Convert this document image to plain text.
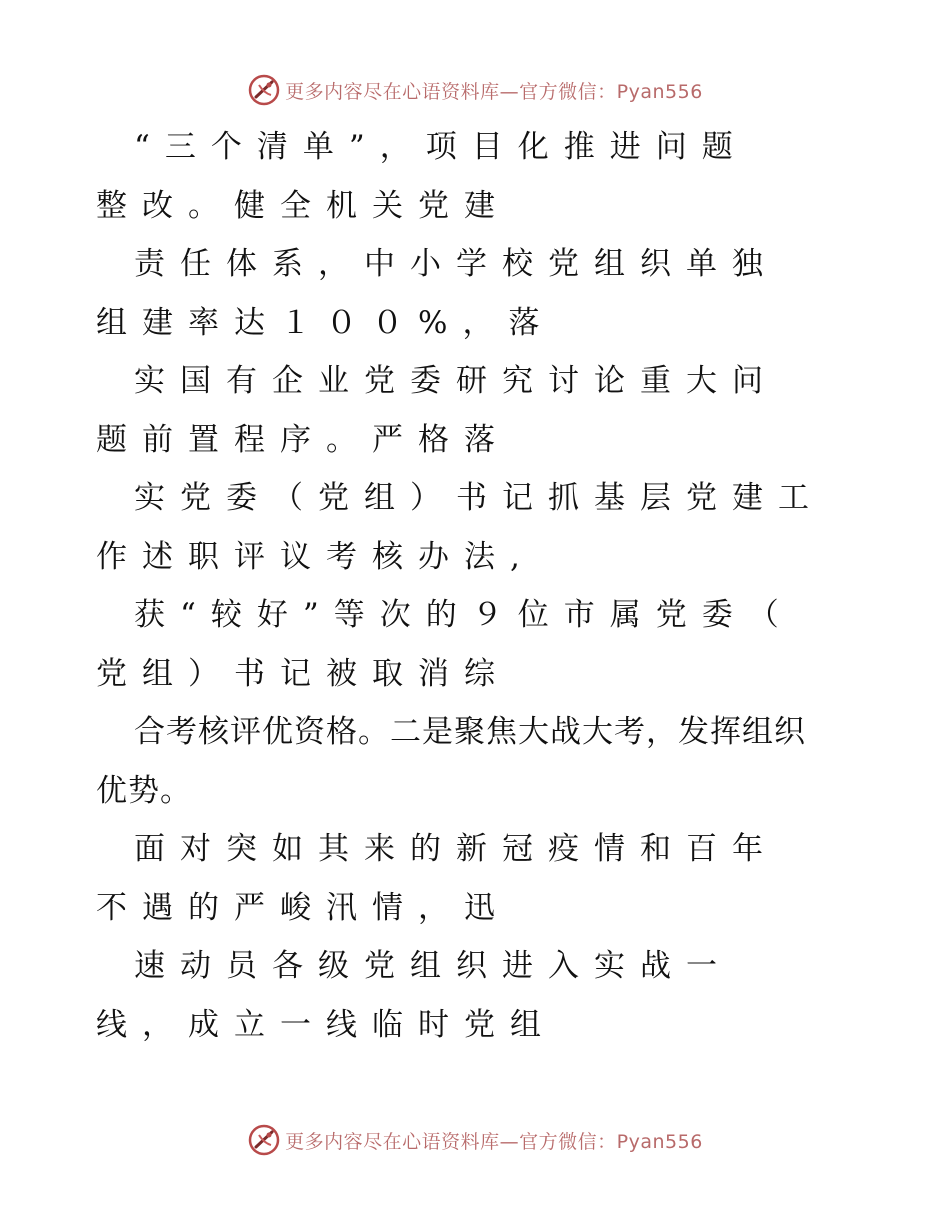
更多内容尽在心语资料库—官方微信：Pyan556
“三个清单”，项目化推进问题
整改。健全机关党建
责任体系，中小学校党组织单独
组建率达１００%，落
实国有企业党委研究讨论重大问
题前置程序。严格落
实党委（党组）书记抓基层党建工
作述职评议考核办法,
获“较好”等次的９位市属党委（
党组）书记被取消综
合考核评优资格。二是聚焦大战大考，发挥组织
优势。
面对突如其来的新冠疫情和百年
不遇的严峻汛情，迅
速动员各级党组织进入实战一
线，成立一线临时党组
更多内容尽在心语资料库—官方微信：Pyan556
